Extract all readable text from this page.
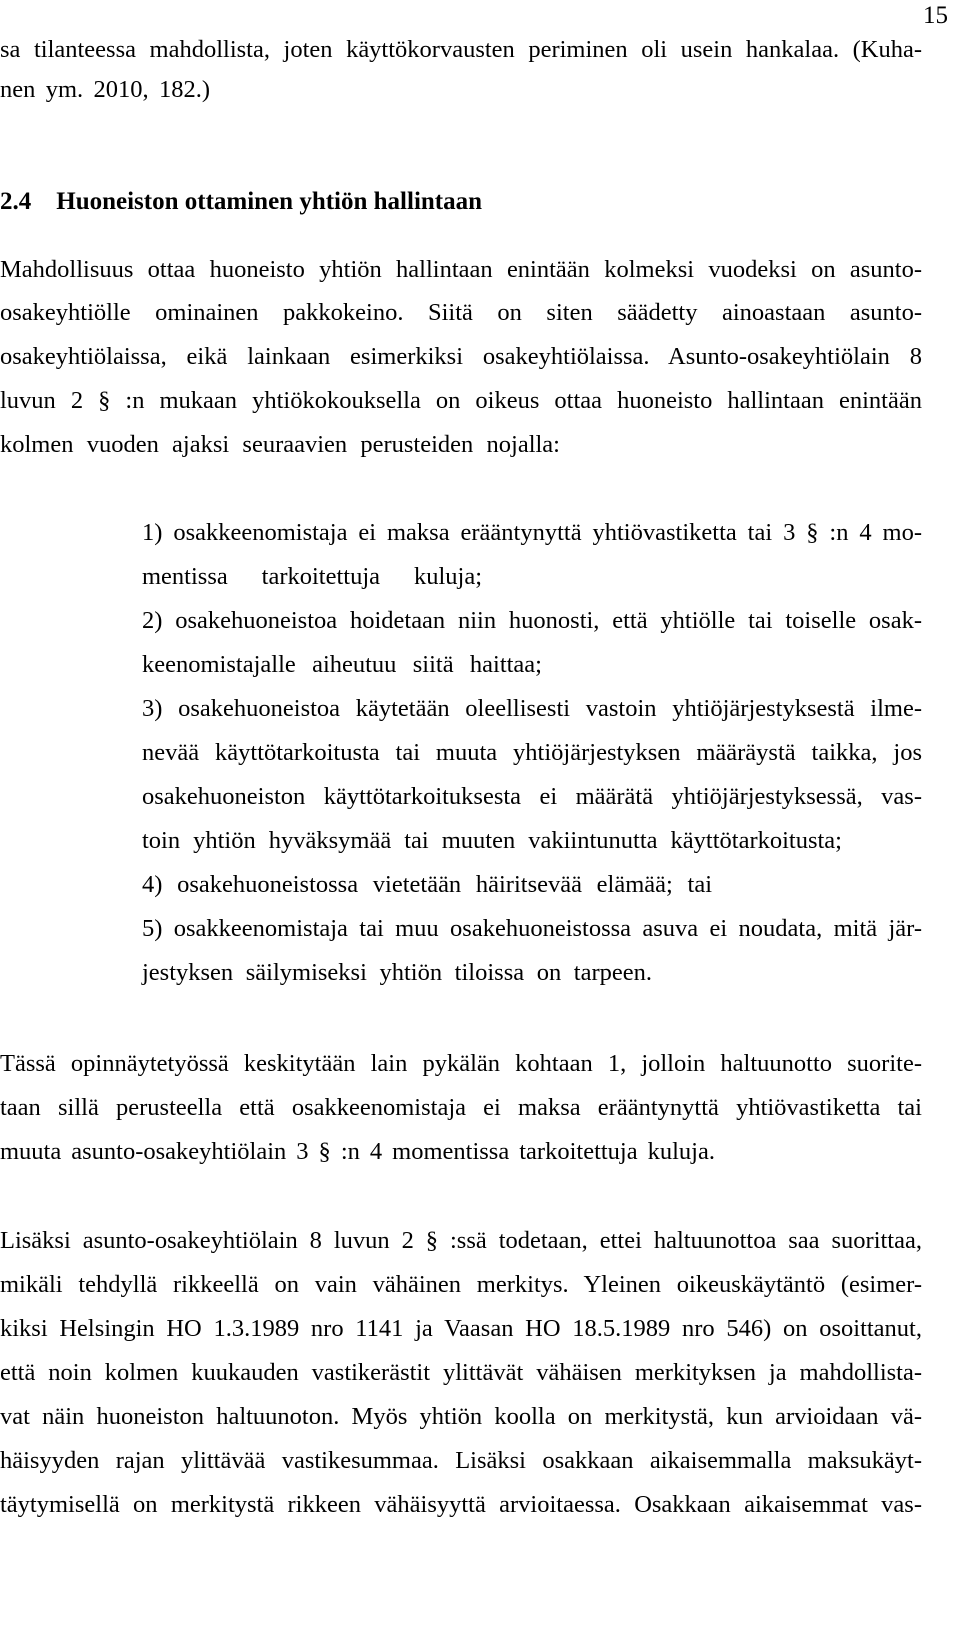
15
2.4 Huoneiston ottaminen yhtiön hallintaan
sa tilanteessa mahdollista, joten käyttökorvausten periminen oli usein hankalaa. (Kuha-
nen ym. 2010, 182.)
Mahdollisuus ottaa huoneisto yhtiön hallintaan enintään kolmeksi vuodeksi on asunto-
osakeyhtiölle ominainen pakkokeino. Siitä on siten säädetty ainoastaan asunto-
osakeyhtiölaissa, eikä lainkaan esimerkiksi osakeyhtiölaissa. Asunto-osakeyhtiölain 8
luvun 2 § :n mukaan yhtiökokouksella on oikeus ottaa huoneisto hallintaan enintään
kolmen vuoden ajaksi seuraavien perusteiden nojalla:
1) osakkeenomistaja ei maksa erääntynyttä yhtiövastiketta tai 3 § :n 4 mo-
mentissa tarkoitettuja kuluja;
2) osakehuoneistoa hoidetaan niin huonosti, että yhtiölle tai toiselle osak-
keenomistajalle aiheutuu siitä haittaa;
3) osakehuoneistoa käytetään oleellisesti vastoin yhtiöjärjestyksestä ilme-
nevää käyttötarkoitusta tai muuta yhtiöjärjestyksen määräystä taikka, jos
osakehuoneiston käyttötarkoituksesta ei määrätä yhtiöjärjestyksessä, vas-
toin yhtiön hyväksymää tai muuten vakiintunutta käyttötarkoitusta;
4) osakehuoneistossa vietetään häiritsevää elämää; tai
5) osakkeenomistaja tai muu osakehuoneistossa asuva ei noudata, mitä jär-
jestyksen säilymiseksi yhtiön tiloissa on tarpeen.
Tässä opinnäytetyössä keskitytään lain pykälän kohtaan 1, jolloin haltuunotto suorite-
taan sillä perusteella että osakkeenomistaja ei maksa erääntynyttä yhtiövastiketta tai
muuta asunto-osakeyhtiölain 3 § :n 4 momentissa tarkoitettuja kuluja.
Lisäksi asunto-osakeyhtiölain 8 luvun 2 § :ssä todetaan, ettei haltuunottoa saa suorittaa,
mikäli tehdyllä rikkeellä on vain vähäinen merkitys. Yleinen oikeuskäytäntö (esimer-
kiksi Helsingin HO 1.3.1989 nro 1141 ja Vaasan HO 18.5.1989 nro 546) on osoittanut,
että noin kolmen kuukauden vastikerästit ylittävät vähäisen merkityksen ja mahdollista-
vat näin huoneiston haltuunoton. Myös yhtiön koolla on merkitystä, kun arvioidaan vä-
häisyyden rajan ylittävää vastikesummaa. Lisäksi osakkaan aikaisemmalla maksukäyt-
täytymisellä on merkitystä rikkeen vähäisyyttä arvioitaessa. Osakkaan aikaisemmat vas-
